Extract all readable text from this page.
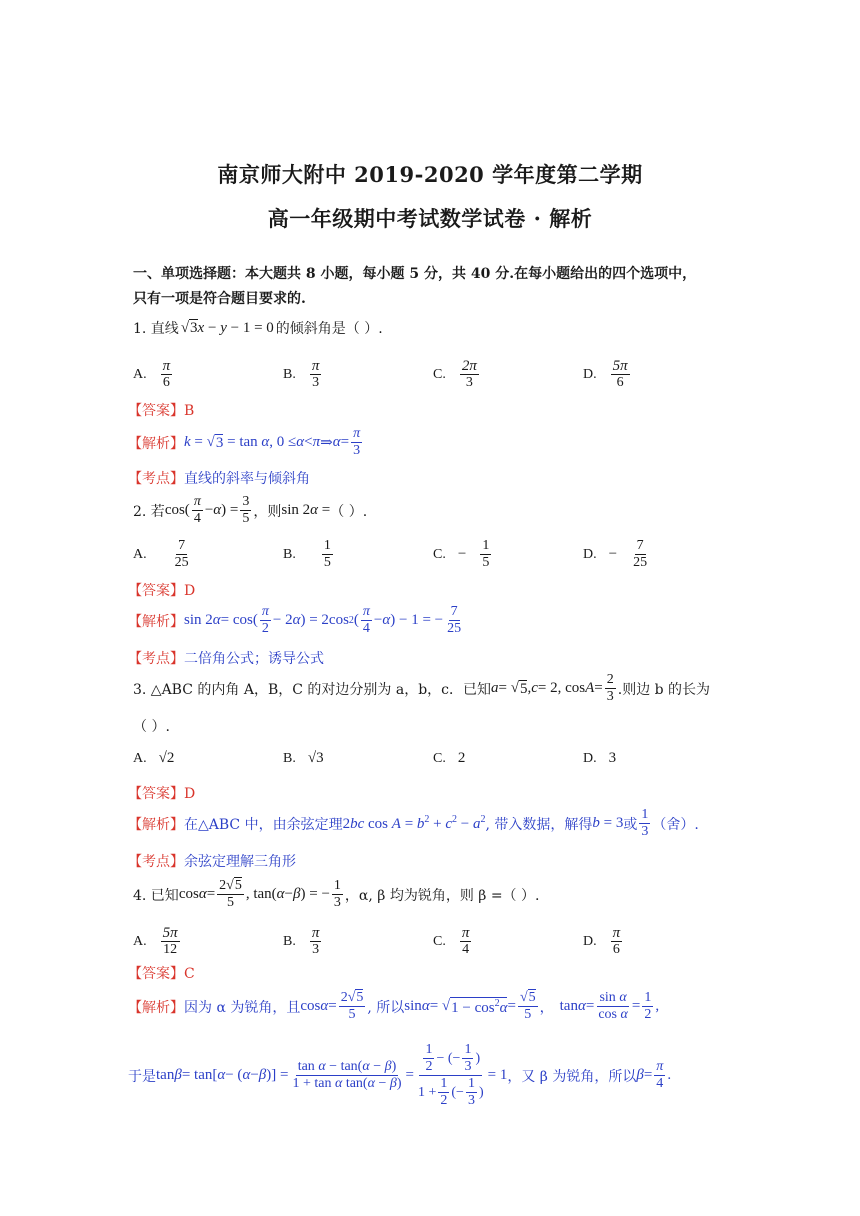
南京师大附中 2019-2020 学年度第二学期
高一年级期中考试数学试卷 · 解析
一、单项选择题：本大题共 8 小题，每小题 5 分，共 40 分.在每小题给出的四个选项中，
只有一项是符合题目要求的.
1. 直线 √3x − y − 1 = 0 的倾斜角是（ ）.
A. $\frac{\pi}{6}$	B. $\frac{\pi}{3}$	C. $\frac{2\pi}{3}$	D. $\frac{5\pi}{6}$
【答案】B
【解析】 k = √ 3 = tan α , 0 ≤ α < π ⇒ $\alpha = \frac{\pi}{3}$
【考点】直线的斜率与倾斜角
2. 若 $\cos( \frac{\pi}{4} - \alpha$ ) = $\frac{3}{5}$ ，则 sin 2α = （ ）.
A. $\frac{7}{25}$	B. $\frac{1}{5}$	C. − $\frac{1}{5}$	D. − $\frac{7}{25}$
【答案】D
【解析】 sin 2 $\alpha = \cos( \frac{\pi}{2} - 2$ α ) = 2cos 2 ( $\frac{\pi}{4} - \alpha$ ) − 1 = − $\frac{7}{25}$
【考点】二倍角公式；诱导公式
3. △ABC 的内角 A，B，C 的对边分别为 a，b，c．已知 a = √ 5 , c = 2, $\cos A = \frac{2}{3}$ .则边 b 的长为
（ ）.
A. √2	B. √3	C. 2	D. 3
【答案】D
【解析】 在△ABC 中，由余弦定理 2bc $\cos A = b^2 + c^2 - a^2$ , 带入数据，解得 b = 3 或 $\frac{1}{3}$ （舍）.
【考点】余弦定理解三角形
4. 已知 $\cos \alpha = \frac{2√5}{5}$ , tan( α − β ) = − $\frac{1}{3}$ ，α, β 均为锐角，则 β =（ ）.
A. $\frac{5\pi}{12}$	B. $\frac{\pi}{3}$	C. $\frac{\pi}{4}$	D. $\frac{\pi}{6}$
【答案】C
【解析】 因为 α 为锐角，且 $\cos \alpha = \frac{2√5}{5}$ , 所以 sin α = √ $1 - \cos^2\alpha = \frac{√5}{5}$ ， $\tan \alpha = \frac{\text{sin α}}{\text{cos α}} = \frac{1}{2}$ ,
于是 tan β = tan[ α − ( α − β )] = $\frac{\text{tan α − tan(α − β)}}{\text{1 + tan α tan(α − β)}} = \frac{\frac{1}{2} - (- \frac{1}{3} )}{1 + \frac{1}{2} (- \frac{1}{3} )} = 1$ ，又 β 为锐角，所以 $\beta = \frac{\pi}{4}$ .
